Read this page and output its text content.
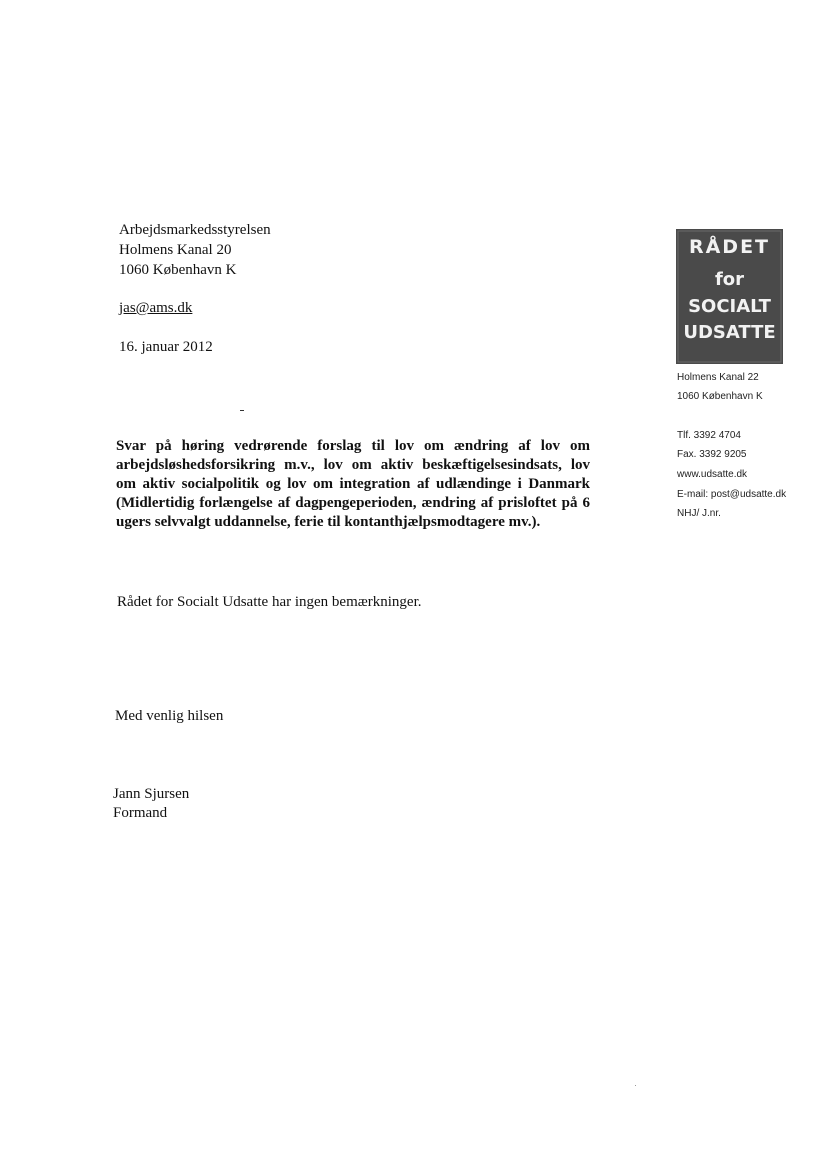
Arbejdsmarkedsstyrelsen
Holmens Kanal 20
1060 København K
jas@ams.dk
16. januar 2012
Svar på høring vedrørende forslag til lov om ændring af lov om
arbejdsløshedsforsikring m.v., lov om aktiv beskæftigelsesindsats, lov
om aktiv socialpolitik og lov om integration af udlændinge i Danmark
(Midlertidig forlængelse af dagpengeperioden, ændring af prisloftet på 6
ugers selvvalgt uddannelse, ferie til kontanthjælpsmodtagere mv.).
Rådet for Socialt Udsatte har ingen bemærkninger.
Med venlig hilsen
Jann Sjursen
Formand
RÅDET
for
SOCIALT
UDSATTE
Holmens Kanal 22
1060 København K
Tlf. 3392 4704
Fax. 3392 9205
www.udsatte.dk
E-mail: post@udsatte.dk
NHJ/ J.nr.
